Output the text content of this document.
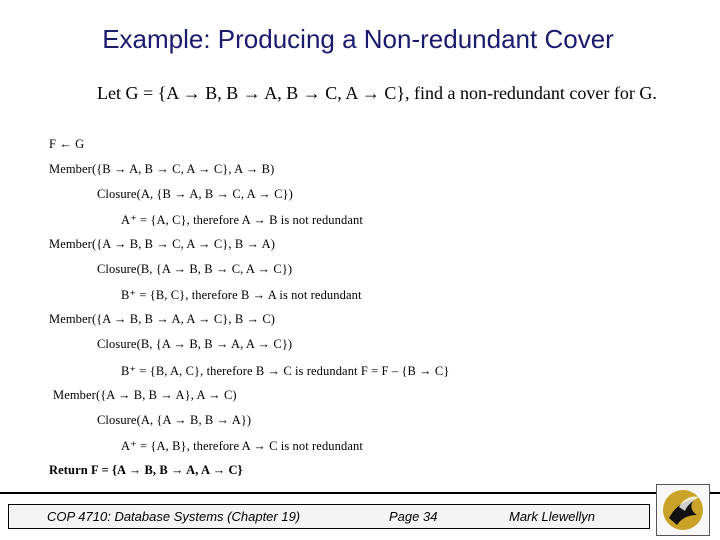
Example: Producing a Non-redundant Cover
Let G = {A → B, B → A, B → C, A → C}, find a non-redundant cover for G.
F ← G
Member({B → A, B → C, A → C}, A → B)
Closure(A, {B → A, B → C, A → C})
A⁺ = {A, C}, therefore A → B is not redundant
Member({A → B, B → C, A → C}, B → A)
Closure(B, {A → B, B → C, A → C})
B⁺ = {B, C}, therefore B → A is not redundant
Member({A → B, B → A, A → C}, B → C)
Closure(B, {A → B, B → A, A → C})
B⁺ = {B, A, C}, therefore B → C is redundant F = F – {B → C}
Member({A → B, B → A}, A → C)
Closure(A, {A → B, B → A})
A⁺ = {A, B}, therefore A → C is not redundant
Return F = {A → B, B → A, A → C}
COP 4710: Database Systems (Chapter 19)	Page 34	Mark Llewellyn
